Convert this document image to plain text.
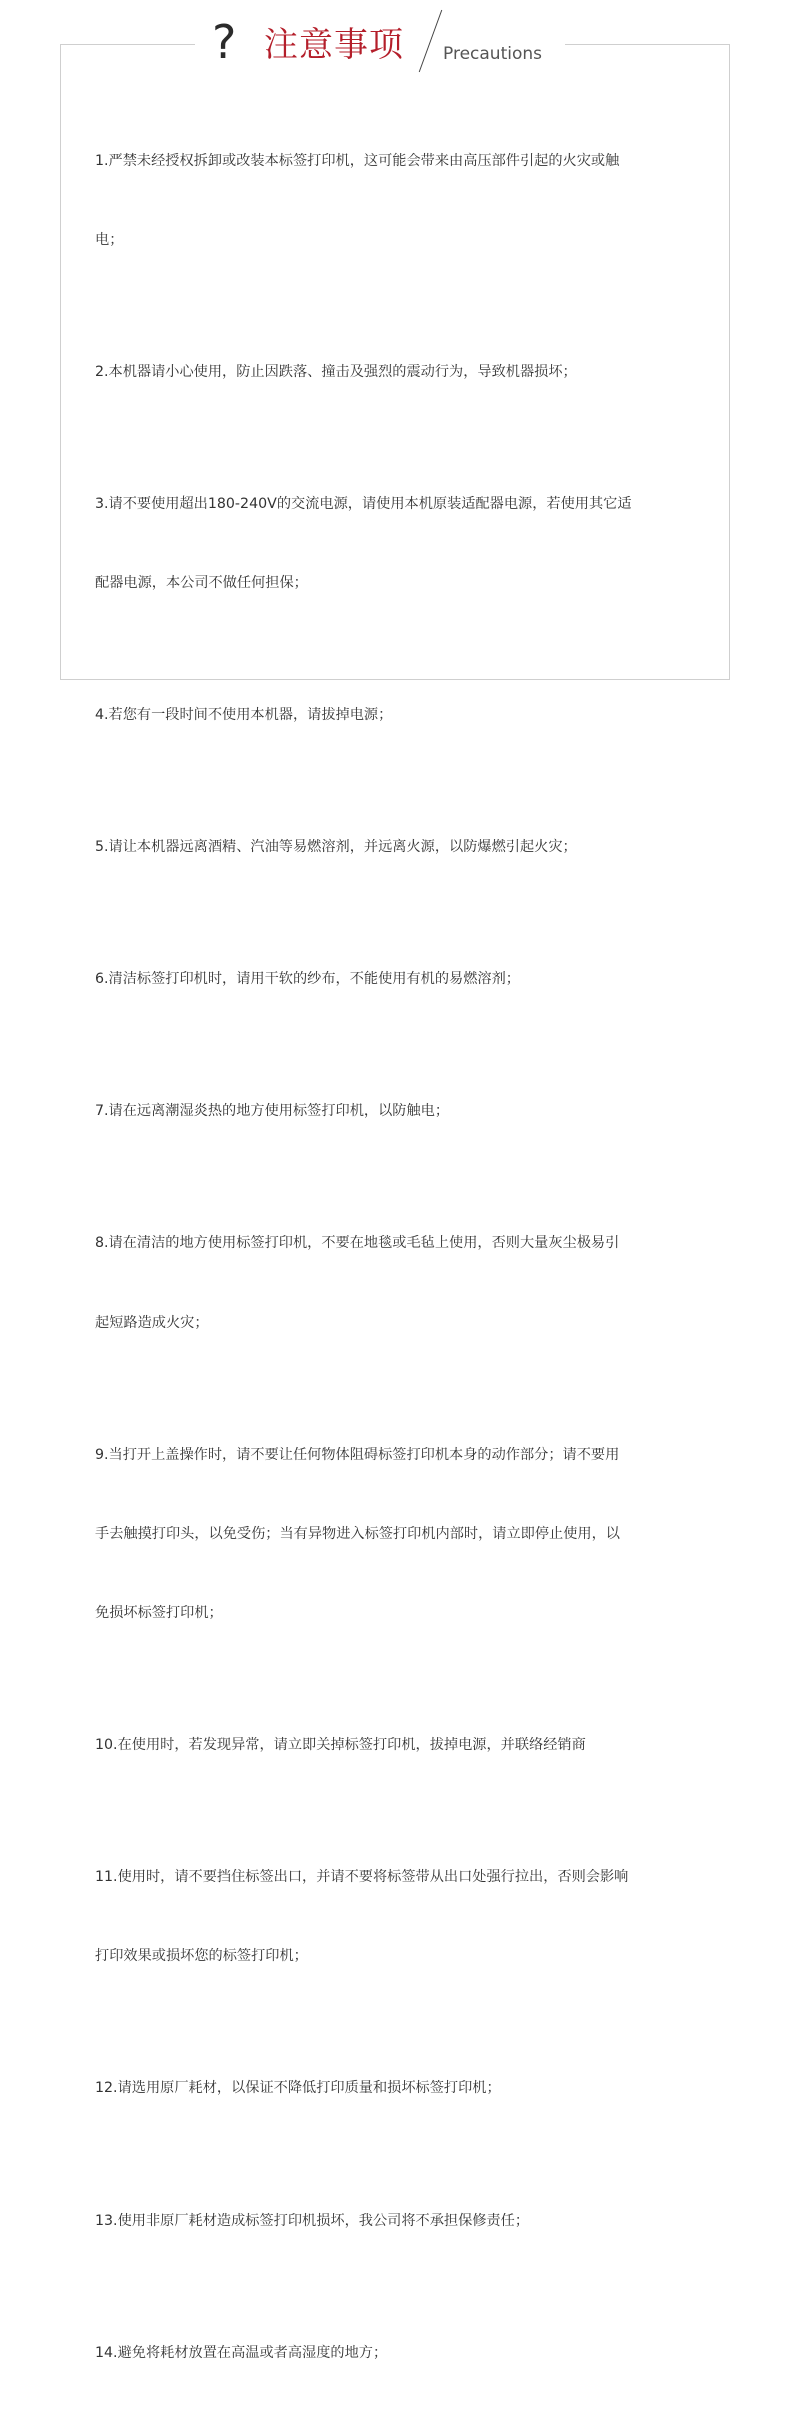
? 注意事项 Precautions

1.严禁未经授权拆卸或改装本标签打印机，这可能会带来由高压部件引起的火灾或触

电；

2.本机器请小心使用，防止因跌落、撞击及强烈的震动行为，导致机器损坏；

3.请不要使用超出180-240V的交流电源，请使用本机原装适配器电源，若使用其它适

配器电源，本公司不做任何担保；

4.若您有一段时间不使用本机器，请拔掉电源；

5.请让本机器远离酒精、汽油等易燃溶剂，并远离火源，以防爆燃引起火灾；

6.清洁标签打印机时，请用干软的纱布，不能使用有机的易燃溶剂；

7.请在远离潮湿炎热的地方使用标签打印机，以防触电；

8.请在清洁的地方使用标签打印机，不要在地毯或毛毡上使用，否则大量灰尘极易引

起短路造成火灾；

9.当打开上盖操作时，请不要让任何物体阻碍标签打印机本身的动作部分；请不要用

手去触摸打印头，以免受伤；当有异物进入标签打印机内部时，请立即停止使用，以

免损坏标签打印机；

10.在使用时，若发现异常，请立即关掉标签打印机，拔掉电源，并联络经销商

11.使用时，请不要挡住标签出口，并请不要将标签带从出口处强行拉出，否则会影响

打印效果或损坏您的标签打印机；

12.请选用原厂耗材，以保证不降低打印质量和损坏标签打印机；

13.使用非原厂耗材造成标签打印机损坏，我公司将不承担保修责任；

14.避免将耗材放置在高温或者高湿度的地方；
